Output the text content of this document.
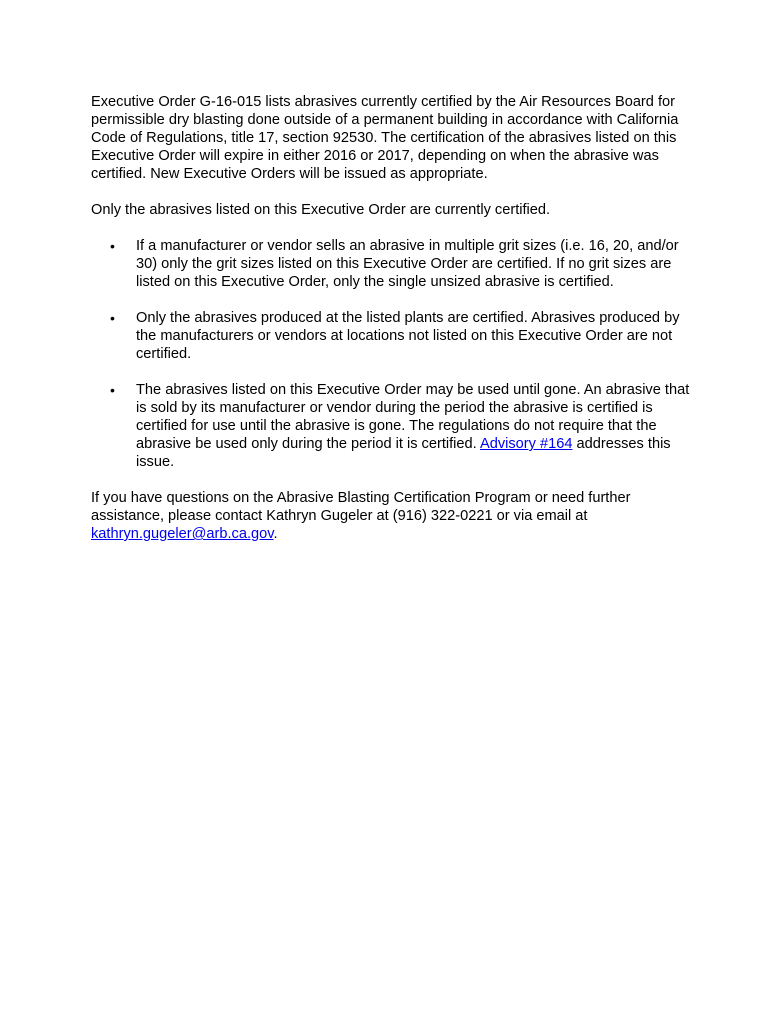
Executive Order G-16-015 lists abrasives currently certified by the Air Resources Board for permissible dry blasting done outside of a permanent building in accordance with California Code of Regulations, title 17, section 92530. The certification of the abrasives listed on this Executive Order will expire in either 2016 or 2017, depending on when the abrasive was certified. New Executive Orders will be issued as appropriate.

Only the abrasives listed on this Executive Order are currently certified.

• If a manufacturer or vendor sells an abrasive in multiple grit sizes (i.e. 16, 20, and/or 30) only the grit sizes listed on this Executive Order are certified. If no grit sizes are listed on this Executive Order, only the single unsized abrasive is certified.
• Only the abrasives produced at the listed plants are certified. Abrasives produced by the manufacturers or vendors at locations not listed on this Executive Order are not certified.
• The abrasives listed on this Executive Order may be used until gone. An abrasive that is sold by its manufacturer or vendor during the period the abrasive is certified is certified for use until the abrasive is gone. The regulations do not require that the abrasive be used only during the period it is certified. Advisory #164 addresses this issue.

If you have questions on the Abrasive Blasting Certification Program or need further assistance, please contact Kathryn Gugeler at (916) 322-0221 or via email at kathryn.gugeler@arb.ca.gov.
